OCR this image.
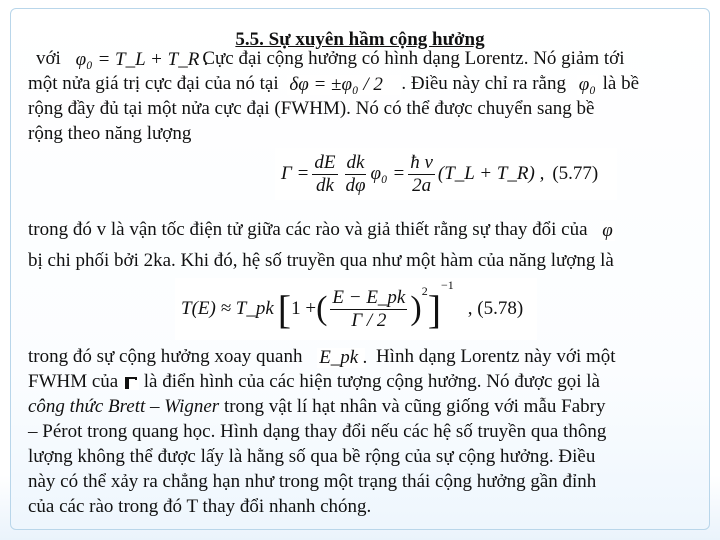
5.5. Sự xuyên hầm cộng hưởng
với φ₀ = T_L + T_R . Cực đại cộng hưởng có hình dạng Lorentz. Nó giảm tới
một nửa giá trị cực đại của nó tại δφ = ±φ₀ / 2 . Điều này chỉ ra rằng φ₀ là bề
rộng đầy đủ tại một nửa cực đại (FWHM). Nó có thể được chuyển sang bề
rộng theo năng lượng
$\Gamma = \frac{dE}{dk} \frac{dk}{d\varphi} \varphi_0 = \frac{\text{ħ v}}{2a}$ (T_L + T_R) , (5.77)
trong đó v là vận tốc điện tử giữa các rào và giả thiết rằng sự thay đổi của φ
bị chi phối bởi 2ka. Khi đó, hệ số truyền qua như một hàm của năng lượng là
T(E) ≈ T_pk [ 1 + ( $\frac{E - E\_pk}{\Gamma / 2} )^2$ ]
$^{-1}$
, (5.78)
trong đó sự cộng hưởng xoay quanh E_pk . Hình dạng Lorentz này với một
FWHM của là điển hình của các hiện tượng cộng hưởng. Nó được gọi là
công thức Brett – Wigner trong vật lí hạt nhân và cũng giống với mẫu Fabry
– Pérot trong quang học. Hình dạng thay đổi nếu các hệ số truyền qua thông
lượng không thể được lấy là hằng số qua bề rộng của sự cộng hưởng. Điều
này có thể xảy ra chẳng hạn như trong một trạng thái cộng hưởng gần đỉnh
của các rào trong đó T thay đổi nhanh chóng.
